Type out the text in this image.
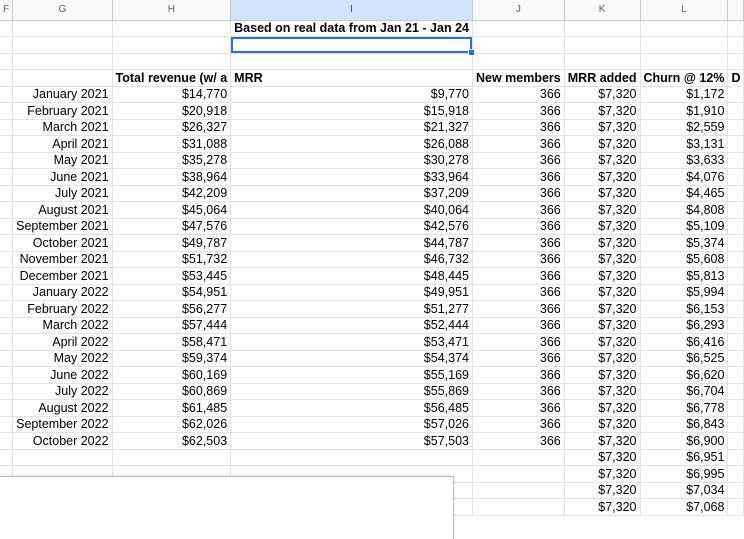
F	G	H	I	J	K	L	
			Based on real data from Jan 21 - Jan 24				

		Total revenue (w/ a	MRR	New members	MRR added	Churn @ 12%	D
	January 2021	$14,770	$9,770	366	$7,320	$1,172	
	February 2021	$20,918	$15,918	366	$7,320	$1,910	
	March 2021	$26,327	$21,327	366	$7,320	$2,559	
	April 2021	$31,088	$26,088	366	$7,320	$3,131	
	May 2021	$35,278	$30,278	366	$7,320	$3,633	
	June 2021	$38,964	$33,964	366	$7,320	$4,076	
	July 2021	$42,209	$37,209	366	$7,320	$4,465	
	August 2021	$45,064	$40,064	366	$7,320	$4,808	
	September 2021	$47,576	$42,576	366	$7,320	$5,109	
	October 2021	$49,787	$44,787	366	$7,320	$5,374	
	November 2021	$51,732	$46,732	366	$7,320	$5,608	
	December 2021	$53,445	$48,445	366	$7,320	$5,813	
	January 2022	$54,951	$49,951	366	$7,320	$5,994	
	February 2022	$56,277	$51,277	366	$7,320	$6,153	
	March 2022	$57,444	$52,444	366	$7,320	$6,293	
	April 2022	$58,471	$53,471	366	$7,320	$6,416	
	May 2022	$59,374	$54,374	366	$7,320	$6,525	
	June 2022	$60,169	$55,169	366	$7,320	$6,620	
	July 2022	$60,869	$55,869	366	$7,320	$6,704	
	August 2022	$61,485	$56,485	366	$7,320	$6,778	
	September 2022	$62,026	$57,026	366	$7,320	$6,843	
	October 2022	$62,503	$57,503	366	$7,320	$6,900	
					$7,320	$6,951	
					$7,320	$6,995	
					$7,320	$7,034	
					$7,320	$7,068	
